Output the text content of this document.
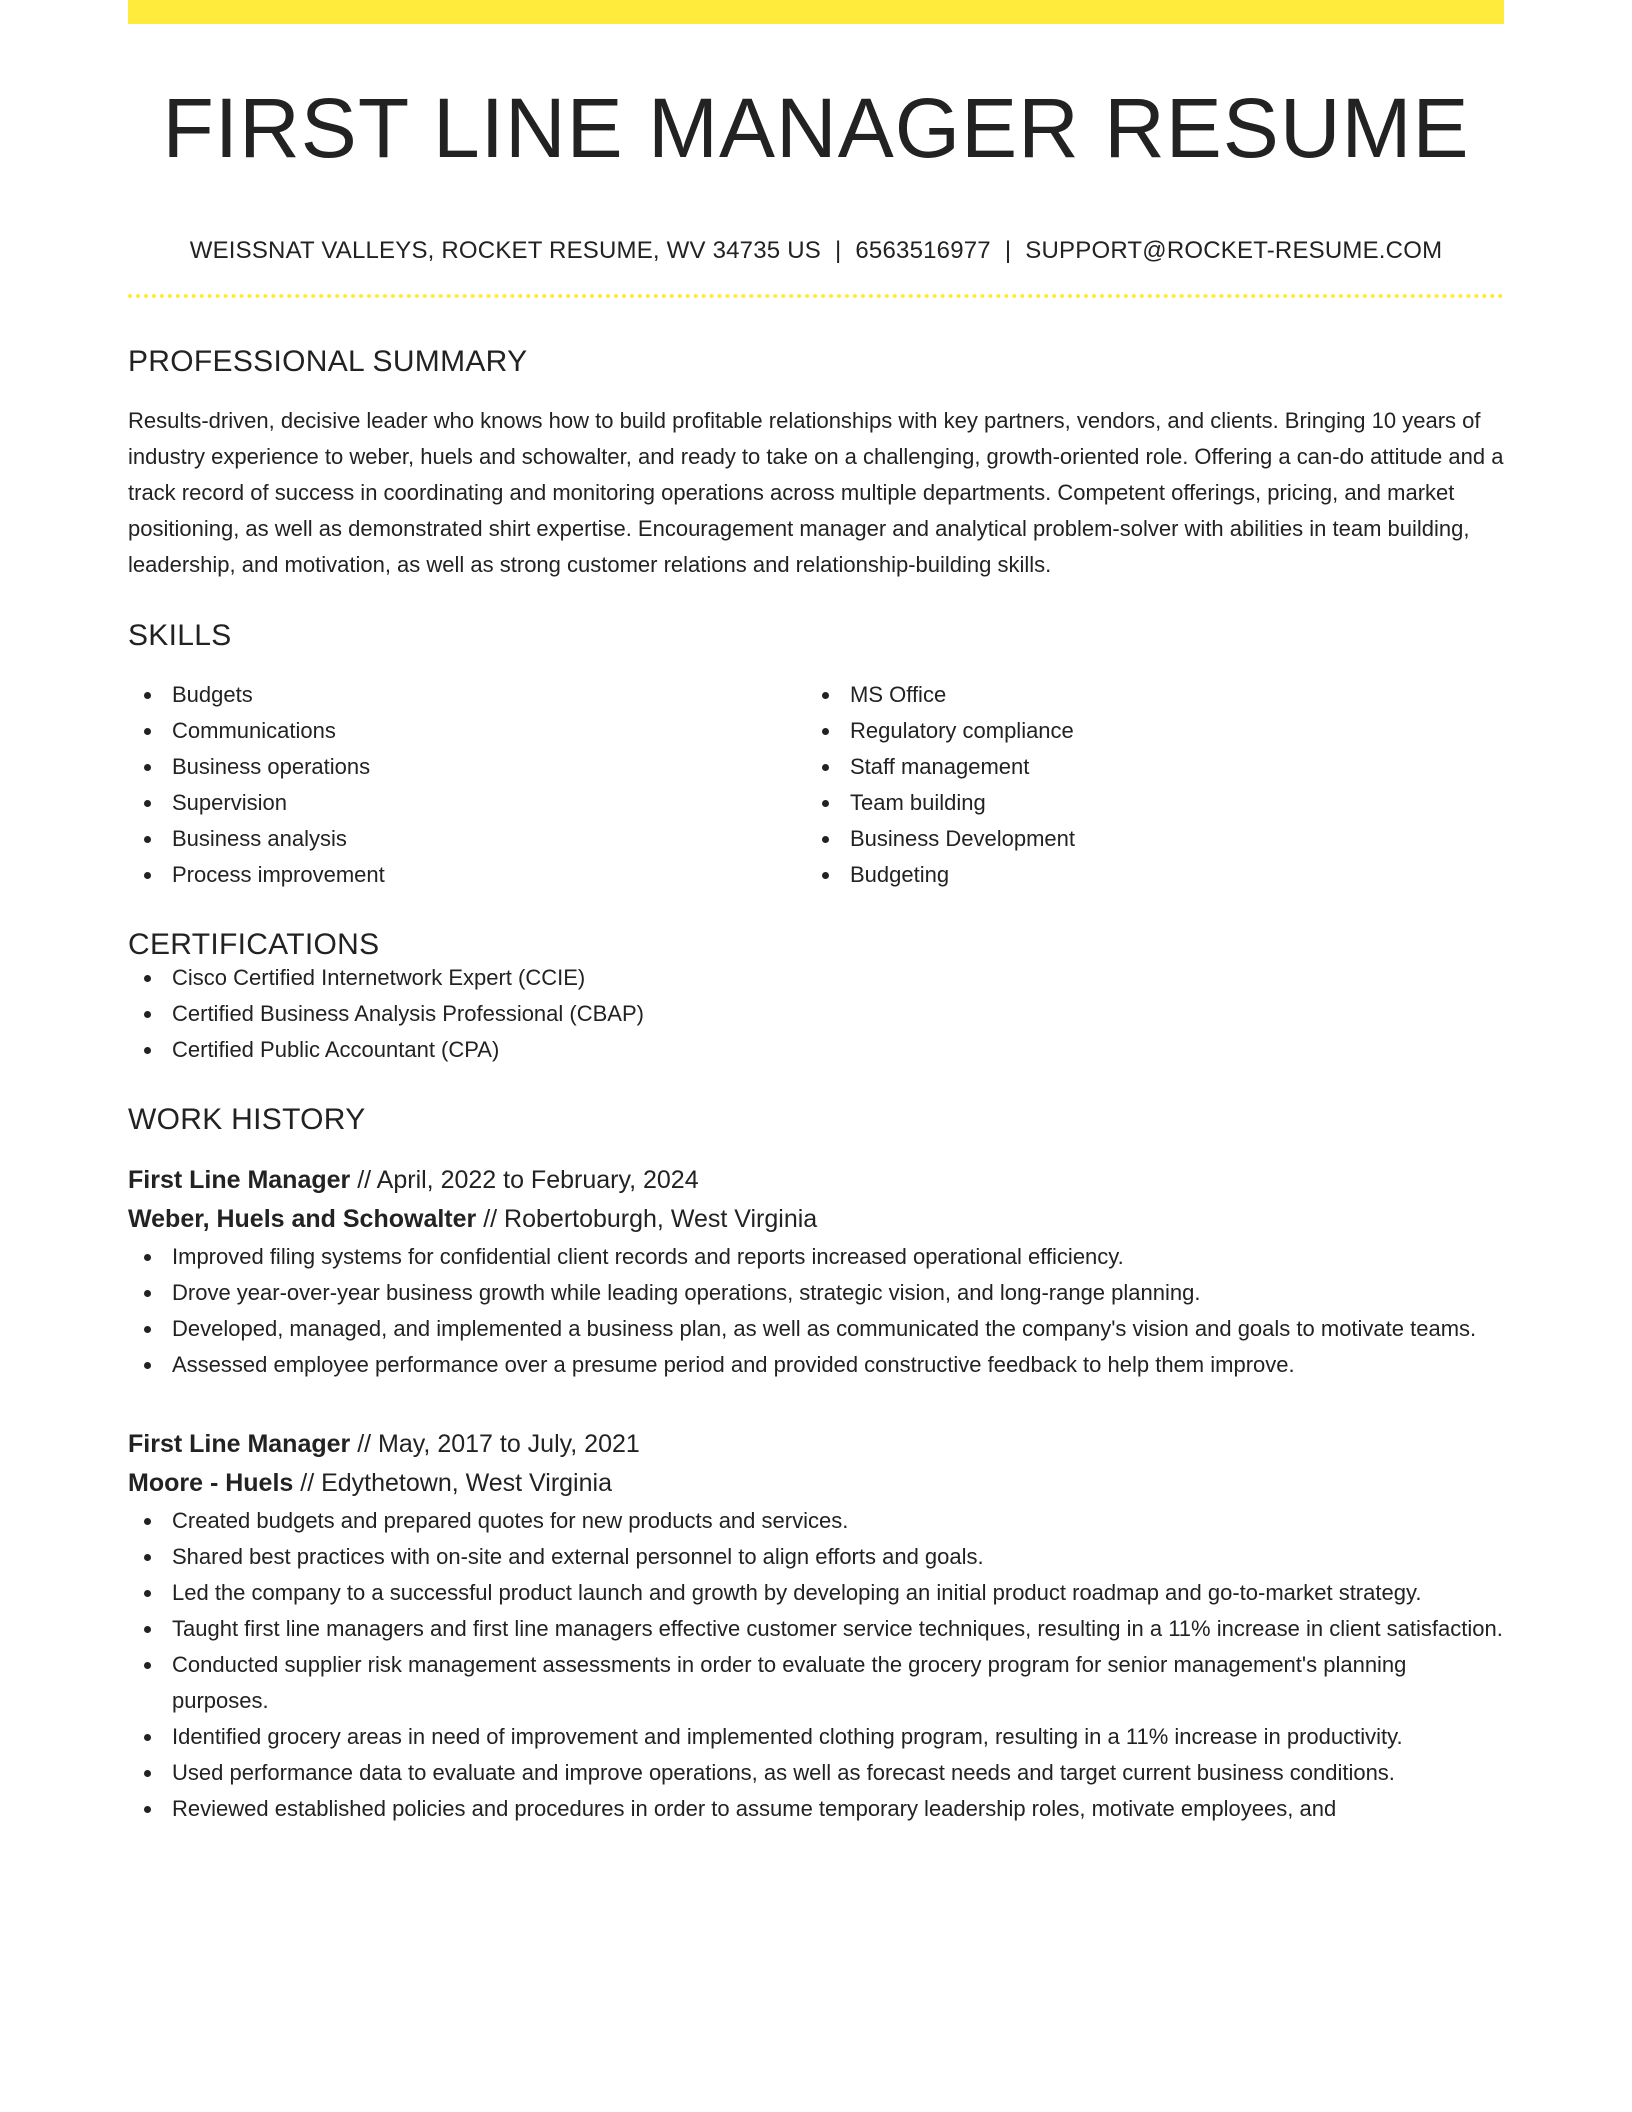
FIRST LINE MANAGER RESUME
WEISSNAT VALLEYS, ROCKET RESUME, WV 34735 US | 6563516977 | SUPPORT@ROCKET-RESUME.COM
PROFESSIONAL SUMMARY

Results-driven, decisive leader who knows how to build profitable relationships with key partners, vendors, and clients. Bringing 10 years of industry experience to weber, huels and schowalter, and ready to take on a challenging, growth-oriented role. Offering a can-do attitude and a track record of success in coordinating and monitoring operations across multiple departments. Competent offerings, pricing, and market positioning, as well as demonstrated shirt expertise. Encouragement manager and analytical problem-solver with abilities in team building, leadership, and motivation, as well as strong customer relations and relationship-building skills.

SKILLS
Budgets
Communications
Business operations
Supervision
Business analysis
Process improvement
MS Office
Regulatory compliance
Staff management
Team building
Business Development
Budgeting
CERTIFICATIONS
Cisco Certified Internetwork Expert (CCIE)
Certified Business Analysis Professional (CBAP)
Certified Public Accountant (CPA)
WORK HISTORY
First Line Manager // April, 2022 to February, 2024
Weber, Huels and Schowalter // Robertoburgh, West Virginia
Improved filing systems for confidential client records and reports increased operational efficiency.
Drove year-over-year business growth while leading operations, strategic vision, and long-range planning.
Developed, managed, and implemented a business plan, as well as communicated the company's vision and goals to motivate teams.
Assessed employee performance over a presume period and provided constructive feedback to help them improve.
First Line Manager // May, 2017 to July, 2021
Moore - Huels // Edythetown, West Virginia
Created budgets and prepared quotes for new products and services.
Shared best practices with on-site and external personnel to align efforts and goals.
Led the company to a successful product launch and growth by developing an initial product roadmap and go-to-market strategy.
Taught first line managers and first line managers effective customer service techniques, resulting in a 11% increase in client satisfaction.
Conducted supplier risk management assessments in order to evaluate the grocery program for senior management's planning purposes.
Identified grocery areas in need of improvement and implemented clothing program, resulting in a 11% increase in productivity.
Used performance data to evaluate and improve operations, as well as forecast needs and target current business conditions.
Reviewed established policies and procedures in order to assume temporary leadership roles, motivate employees, and
